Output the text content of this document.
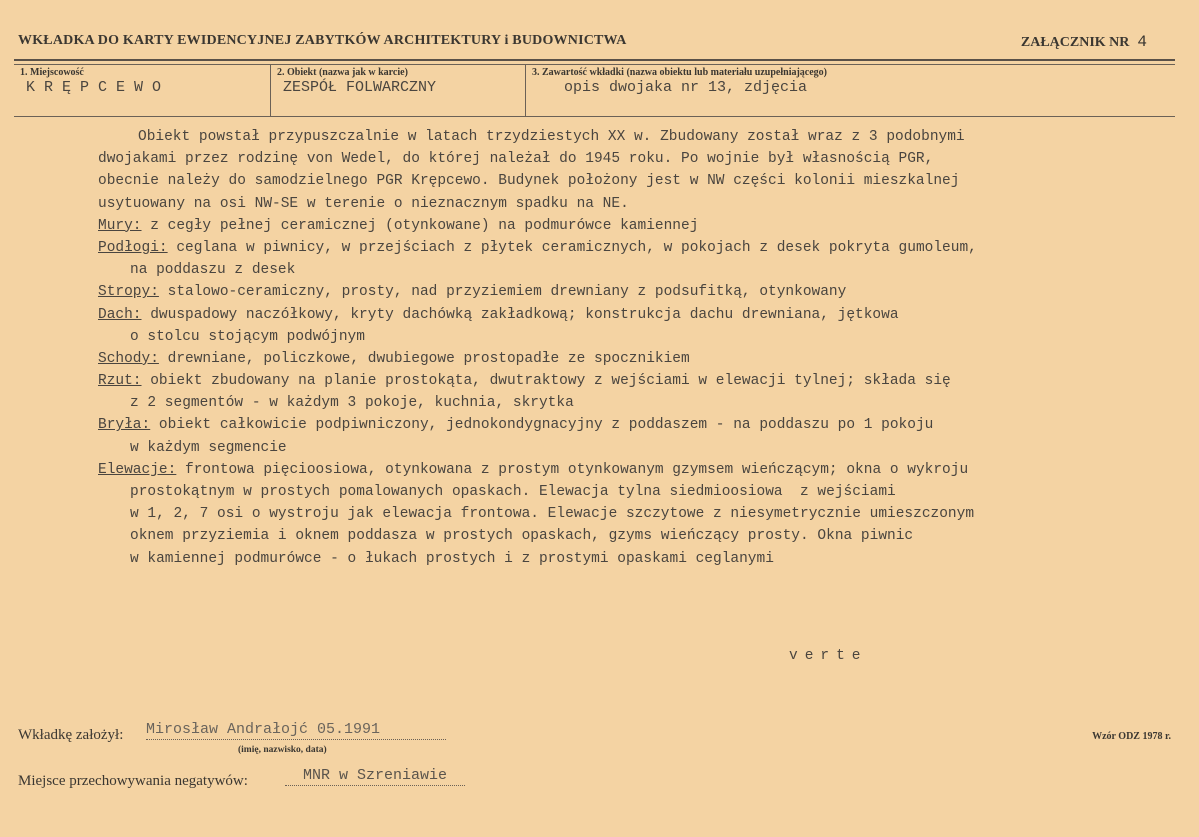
WKŁADKA DO KARTY EWIDENCYJNEJ ZABYTKÓW ARCHITEKTURY i BUDOWNICTWA	ZAŁĄCZNIK NR 4
1. Miejscowość
KRĘPCEWO
2. Obiekt (nazwa jak w karcie)
ZESPÓŁ FOLWARCZNY
3. Zawartość wkładki (nazwa obiektu lub materiału uzupełniającego)
opis dwojaka nr 13, zdjęcia
Obiekt powstał przypuszczalnie w latach trzydziestych XX w. Zbudowany został wraz z 3 podobnymi
dwojakami przez rodzinę von Wedel, do której należał do 1945 roku. Po wojnie był własnością PGR,
obecnie należy do samodzielnego PGR Krępcewo. Budynek położony jest w NW części kolonii mieszkalnej
usytuowany na osi NW-SE w terenie o nieznacznym spadku na NE.
Mury: z cegły pełnej ceramicznej (otynkowane) na podmurówce kamiennej
Podłogi: ceglana w piwnicy, w przejściach z płytek ceramicznych, w pokojach z desek pokryta gumoleum,
na poddaszu z desek
Stropy: stalowo-ceramiczny, prosty, nad przyziemiem drewniany z podsufitką, otynkowany
Dach: dwuspadowy naczółkowy, kryty dachówką zakładkową; konstrukcja dachu drewniana, jętkowa
o stolcu stojącym podwójnym
Schody: drewniane, policzkowe, dwubiegowe prostopadłe ze spocznikiem
Rzut: obiekt zbudowany na planie prostokąta, dwutraktowy z wejściami w elewacji tylnej; składa się
z 2 segmentów - w każdym 3 pokoje, kuchnia, skrytka
Bryła: obiekt całkowicie podpiwniczony, jednokondygnacyjny z poddaszem - na poddaszu po 1 pokoju
w każdym segmencie
Elewacje: frontowa pięcioosiowa, otynkowana z prostym otynkowanym gzymsem wieńczącym; okna o wykroju
prostokątnym w prostych pomalowanych opaskach. Elewacja tylna siedmioosiowa  z wejściami
w 1, 2, 7 osi o wystroju jak elewacja frontowa. Elewacje szczytowe z niesymetrycznie umieszczonym
oknem przyziemia i oknem poddasza w prostych opaskach, gzyms wieńczący prosty. Okna piwnic
w kamiennej podmurówce - o łukach prostych i z prostymi opaskami ceglanymi
verte
Wkładkę założył: Mirosław Andrałojć 05.1991
(imię, nazwisko, data)
Wzór ODZ 1978 r.
Miejsce przechowywania negatywów:	MNR w Szreniawie
